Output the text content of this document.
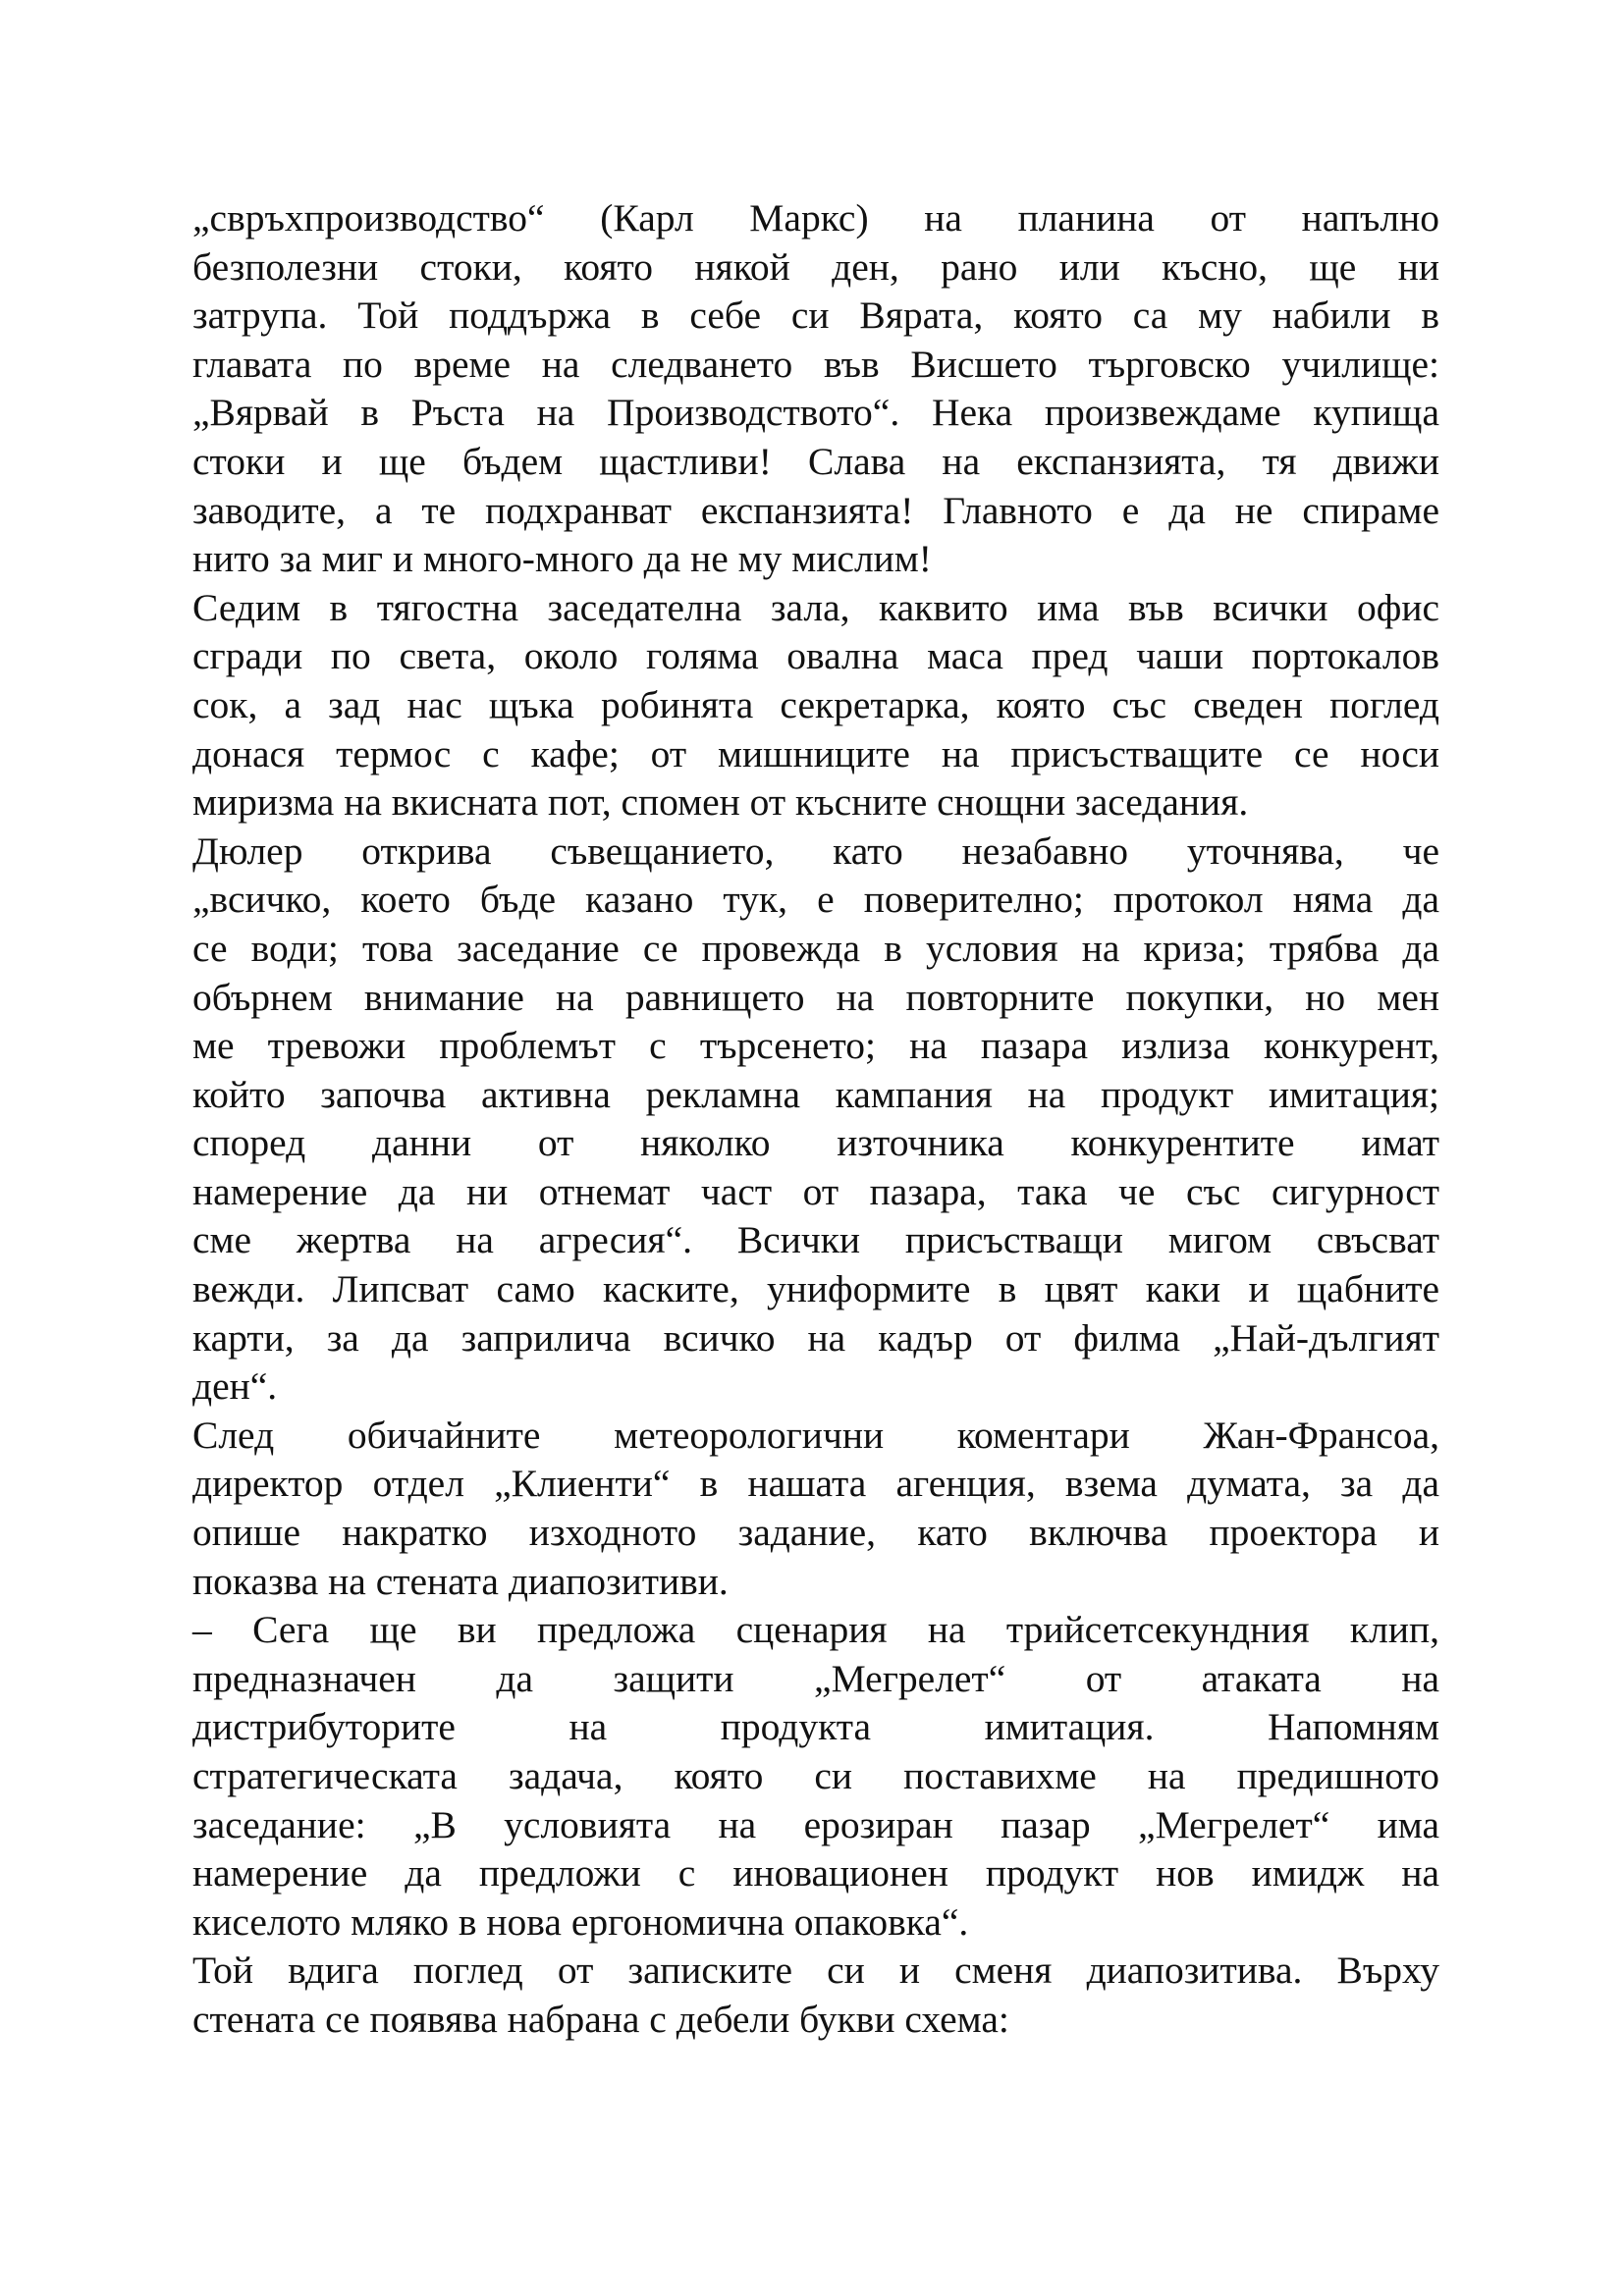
„свръхпроизводство“ (Карл Маркс) на планина от напълно
безполезни стоки, която някой ден, рано или късно, ще ни
затрупа. Той поддържа в себе си Вярата, която са му набили в
главата по време на следването във Висшето търговско училище:
„Вярвай в Ръста на Производството“. Нека произвеждаме купища
стоки и ще бъдем щастливи! Слава на експанзията, тя движи
заводите, а те подхранват експанзията! Главното е да не спираме
нито за миг и много-много да не му мислим!
Седим в тягостна заседателна зала, каквито има във всички офис
сгради по света, около голяма овална маса пред чаши портокалов
сок, а зад нас щъка робинята секретарка, която със сведен поглед
донася термос с кафе; от мишниците на присъстващите се носи
миризма на вкисната пот, спомен от късните снощни заседания.
Дюлер открива съвещанието, като незабавно уточнява, че
„всичко, което бъде казано тук, е поверително; протокол няма да
се води; това заседание се провежда в условия на криза; трябва да
обърнем внимание на равнището на повторните покупки, но мен
ме тревожи проблемът с търсенето; на пазара излиза конкурент,
който започва активна рекламна кампания на продукт имитация;
според данни от няколко източника конкурентите имат
намерение да ни отнемат част от пазара, така че със сигурност
сме жертва на агресия“. Всички присъстващи мигом свъсват
вежди. Липсват само каските, униформите в цвят каки и щабните
карти, за да заприлича всичко на кадър от филма „Най-дългият
ден“.
След обичайните метеорологични коментари Жан-Франсоа,
директор отдел „Клиенти“ в нашата агенция, взема думата, за да
опише накратко изходното задание, като включва проектора и
показва на стената диапозитиви.
– Сега ще ви предложа сценария на трийсетсекундния клип,
предназначен да защити „Мегрелет“ от атаката на
дистрибуторите на продукта имитация. Напомням
стратегическата задача, която си поставихме на предишното
заседание: „В условията на ерозиран пазар „Мегрелет“ има
намерение да предложи с иновационен продукт нов имидж на
киселото мляко в нова ергономична опаковка“.
Той вдига поглед от записките си и сменя диапозитива. Върху
стената се появява набрана с дебели букви схема:
